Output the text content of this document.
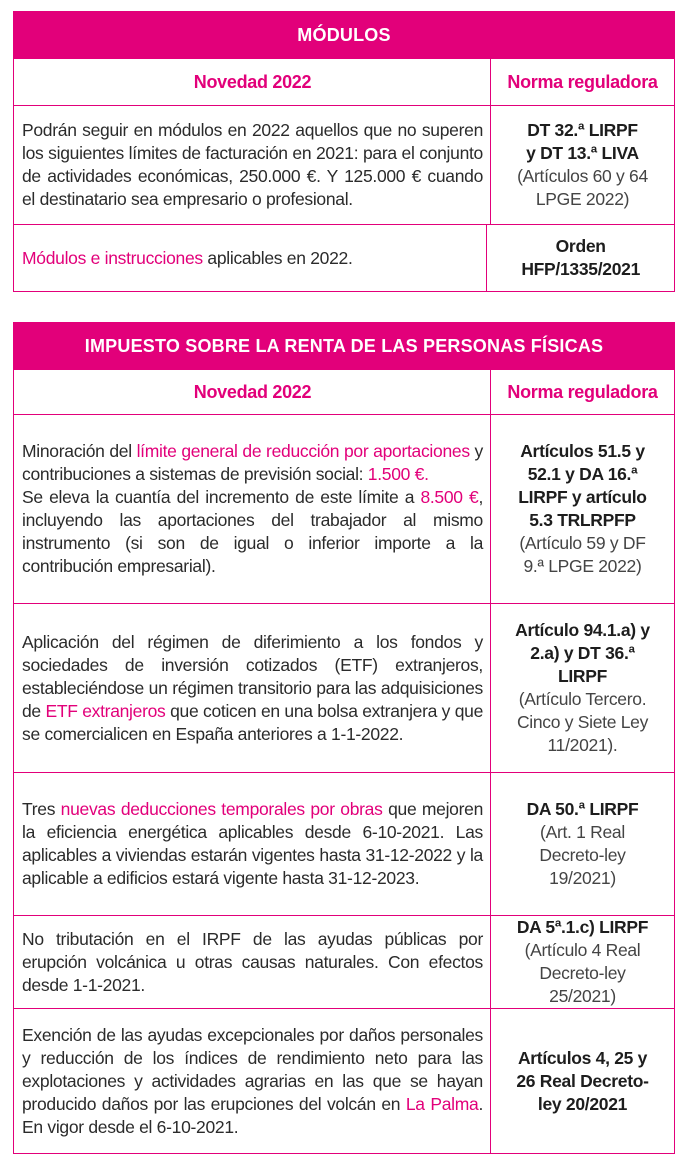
MÓDULOS
Novedad 2022	Norma reguladora
Podrán seguir en módulos en 2022 aquellos que no superen los siguientes límites de facturación en 2021: para el conjunto de actividades económicas, 250.000 €. Y 125.000 € cuando el destinatario sea empresario o profesional.
DT 32.ª LIRPF y DT 13.ª LIVA
(Artículos 60 y 64 LPGE 2022)
Módulos e instrucciones aplicables en 2022.
Orden HFP/1335/2021
IMPUESTO SOBRE LA RENTA DE LAS PERSONAS FÍSICAS
Novedad 2022	Norma reguladora
Minoración del límite general de reducción por aportaciones y contribuciones a sistemas de previsión social: 1.500 €.
Se eleva la cuantía del incremento de este límite a 8.500 €, incluyendo las aportaciones del trabajador al mismo instrumento (si son de igual o inferior importe a la contribución empresarial).
Artículos 51.5 y 52.1 y DA 16.ª LIRPF y artículo 5.3 TRLRPFP
(Artículo 59 y DF 9.ª LPGE 2022)
Aplicación del régimen de diferimiento a los fondos y sociedades de inversión cotizados (ETF) extranjeros, estableciéndose un régimen transitorio para las adquisiciones de ETF extranjeros que coticen en una bolsa extranjera y que se comercialicen en España anteriores a 1-1-2022.
Artículo 94.1.a) y 2.a) y DT 36.ª LIRPF
(Artículo Tercero. Cinco y Siete Ley 11/2021).
Tres nuevas deducciones temporales por obras que mejoren la eficiencia energética aplicables desde 6-10-2021. Las aplicables a viviendas estarán vigentes hasta 31-12-2022 y la aplicable a edificios estará vigente hasta 31-12-2023.
DA 50.ª LIRPF
(Art. 1 Real Decreto-ley 19/2021)
No tributación en el IRPF de las ayudas públicas por erupción volcánica u otras causas naturales. Con efectos desde 1-1-2021.
DA 5ª.1.c) LIRPF
(Artículo 4 Real Decreto-ley 25/2021)
Exención de las ayudas excepcionales por daños personales y reducción de los índices de rendimiento neto para las explotaciones y actividades agrarias en las que se hayan producido daños por las erupciones del volcán en La Palma. En vigor desde el 6-10-2021.
Artículos 4, 25 y 26 Real Decreto-ley 20/2021
